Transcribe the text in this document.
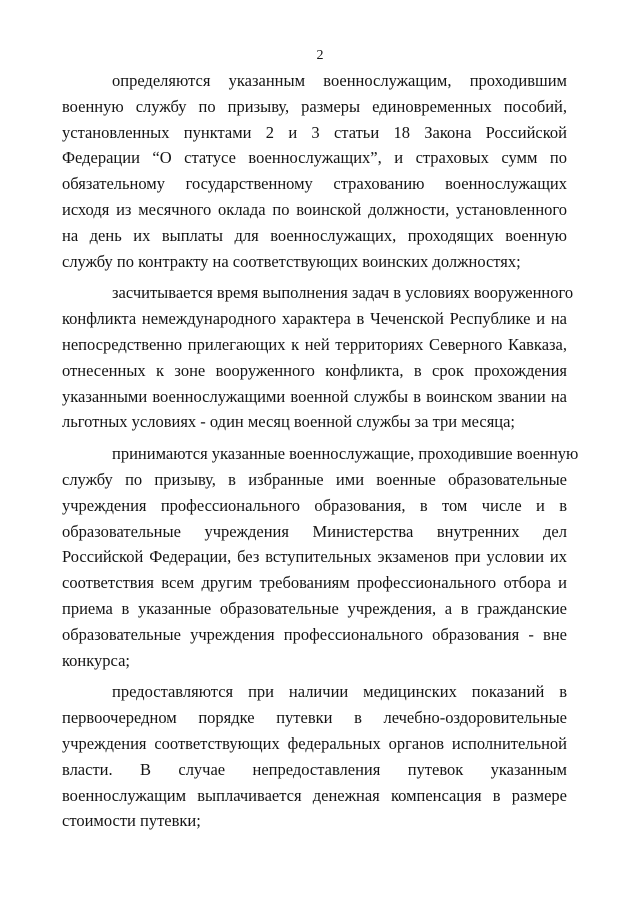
2
определяются указанным военнослужащим, проходившим
военную службу по призыву, размеры единовременных пособий,
установленных пунктами 2 и 3 статьи 18 Закона Российской
Федерации “О статусе военнослужащих”, и страховых сумм по
обязательному государственному страхованию военнослужащих
исходя из месячного оклада по воинской должности, установленного
на день их выплаты для военнослужащих, проходящих военную
службу по контракту на соответствующих воинских должностях;
засчитывается время выполнения задач в условиях вооруженного
конфликта немеждународного характера в Чеченской Республике и на
непосредственно прилегающих к ней территориях Северного Кавказа,
отнесенных к зоне вооруженного конфликта, в срок прохождения
указанными военнослужащими военной службы в воинском звании на
льготных условиях - один месяц военной службы за три месяца;
принимаются указанные военнослужащие, проходившие военную
службу по призыву, в избранные ими военные образовательные
учреждения профессионального образования, в том числе и в
образовательные учреждения Министерства внутренних дел
Российской Федерации, без вступительных экзаменов при условии их
соответствия всем другим требованиям профессионального отбора и
приема в указанные образовательные учреждения, а в гражданские
образовательные учреждения профессионального образования - вне
конкурса;
предоставляются при наличии медицинских показаний в
первоочередном порядке путевки в лечебно-оздоровительные
учреждения соответствующих федеральных органов исполнительной
власти. В случае непредоставления путевок указанным
военнослужащим выплачивается денежная компенсация в размере
стоимости путевки;
